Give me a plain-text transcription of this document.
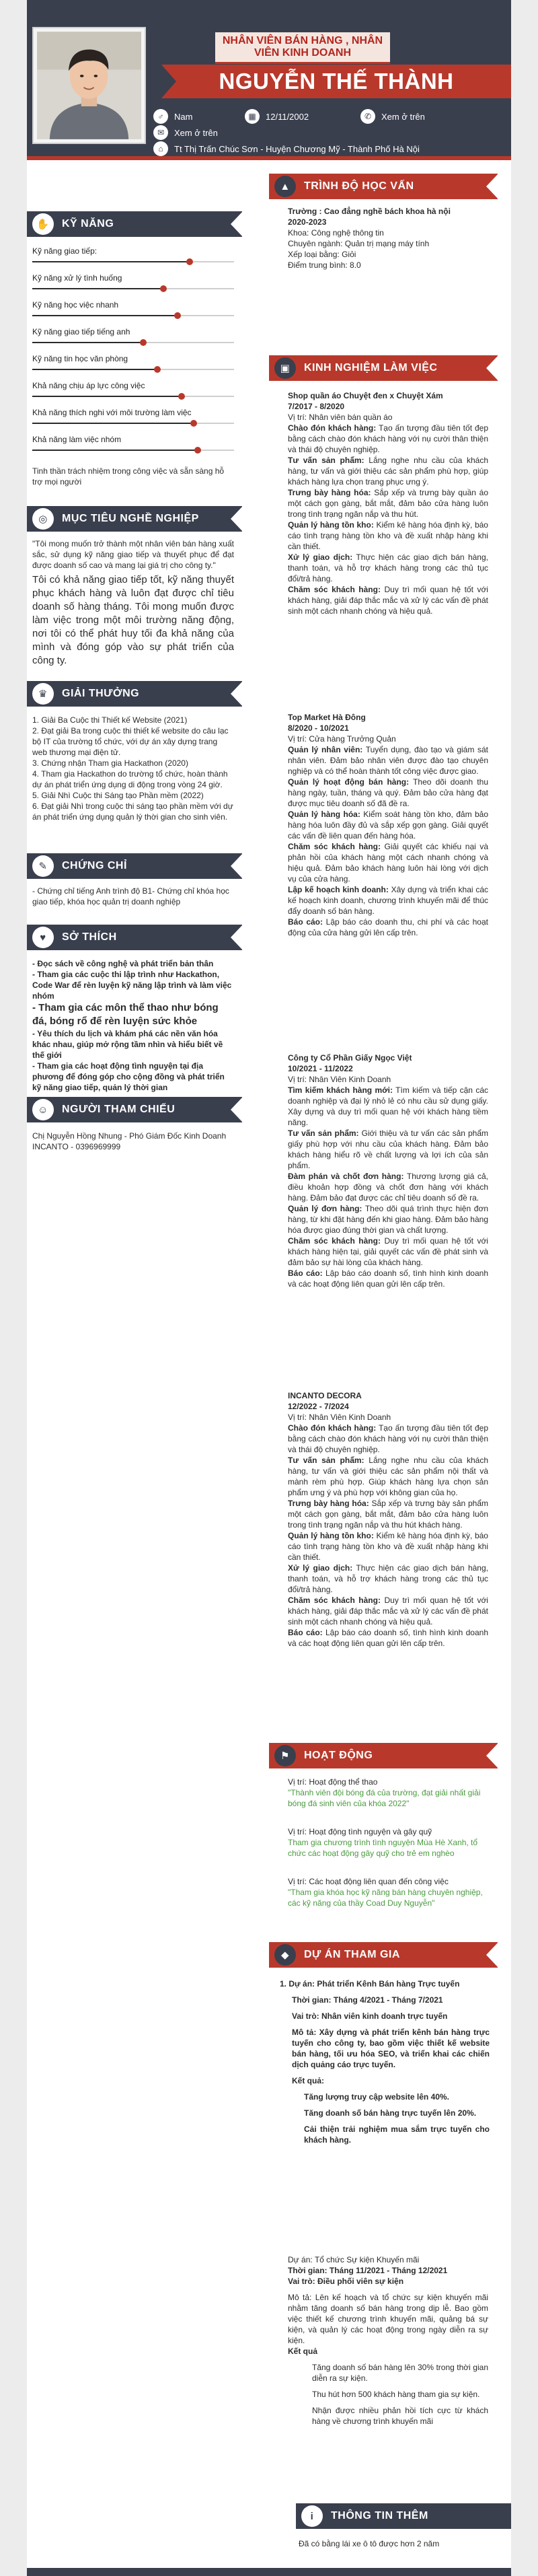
NHÂN VIÊN BÁN HÀNG , NHÂN VIÊN KINH DOANH
NGUYỄN THẾ THÀNH
♂	Nam	▦	12/11/2002	✆	Xem ở trên
✉	Xem ở trên
⌂	Tt Thị Trấn Chúc Sơn - Huyện Chương Mỹ - Thành Phố Hà Nội
✋	KỸ NĂNG
Tinh thần trách nhiệm trong công việc và sẵn sàng hỗ trợ mọi người
◎	MỤC TIÊU NGHỀ NGHIỆP
"Tôi mong muốn trở thành một nhân viên bán hàng xuất sắc, sử dụng kỹ năng giao tiếp và thuyết phục để đạt được doanh số cao và mang lại giá trị cho công ty."
Tôi có khả năng giao tiếp tốt, kỹ năng thuyết phục khách hàng và luôn đạt được chỉ tiêu doanh số hàng tháng. Tôi mong muốn được làm việc trong một môi trường năng động, nơi tôi có thể phát huy tối đa khả năng của mình và đóng góp vào sự phát triển của công ty.
♛	GIẢI THƯỞNG
1. Giải Ba Cuộc thi Thiết kế Website (2021)
2. Đạt giải Ba trong cuộc thi thiết kế website do câu lạc bộ IT của trường tổ chức, với dự án xây dựng trang web thương mại điện tử.
3. Chứng nhận Tham gia Hackathon (2020)
4. Tham gia Hackathon do trường tổ chức, hoàn thành dự án phát triển ứng dụng di động trong vòng 24 giờ.
5. Giải Nhì Cuộc thi Sáng tạo Phần mềm (2022)
6. Đạt giải Nhì trong cuộc thi sáng tạo phần mềm với dự án phát triển ứng dụng quản lý thời gian cho sinh viên.
✎	CHỨNG CHỈ
- Chứng chỉ tiếng Anh trình độ B1- Chứng chỉ khóa học giao tiếp, khóa học quản trị doanh nghiệp
♥	SỞ THÍCH
- Đọc sách về công nghệ và phát triển bản thân
- Tham gia các cuộc thi lập trình như Hackathon, Code War để rèn luyện kỹ năng lập trình và làm việc nhóm
- Tham gia các môn thể thao như bóng đá, bóng rổ để rèn luyện sức khỏe
- Yêu thích du lịch và khám phá các nền văn hóa khác nhau, giúp mở rộng tầm nhìn và hiểu biết về thế giới
- Tham gia các hoạt động tình nguyện tại địa phương để đóng góp cho cộng đồng và phát triển kỹ năng giao tiếp, quản lý thời gian
☺	NGƯỜI THAM CHIẾU
Chị Nguyễn Hồng Nhung - Phó Giám Đốc Kinh Doanh
INCANTO - 0396969999
▲	TRÌNH ĐỘ HỌC VẤN
Trường : Cao đẳng nghề bách khoa hà nội
2020-2023
Khoa: Công nghệ thông tin
Chuyên ngành: Quản trị mạng máy tính
Xếp loại bằng: Giỏi
Điểm trung bình: 8.0
▣	KINH NGHIỆM LÀM VIỆC
Shop quần áo Chuyệt đen x Chuyệt Xám
7/2017 - 8/2020
Vị trí: Nhân viên bán quần áo
Chào đón khách hàng: Tạo ấn tượng đầu tiên tốt đẹp bằng cách chào đón khách hàng với nụ cười thân thiện và thái độ chuyên nghiệp.
Tư vấn sản phẩm: Lắng nghe nhu cầu của khách hàng, tư vấn và giới thiệu các sản phẩm phù hợp, giúp khách hàng lựa chọn trang phục ưng ý.
Trưng bày hàng hóa: Sắp xếp và trưng bày quần áo một cách gọn gàng, bắt mắt, đảm bảo cửa hàng luôn trong tình trạng ngăn nắp và thu hút.
Quản lý hàng tồn kho: Kiểm kê hàng hóa định kỳ, báo cáo tình trạng hàng tồn kho và đề xuất nhập hàng khi cần thiết.
Xử lý giao dịch: Thực hiện các giao dịch bán hàng, thanh toán, và hỗ trợ khách hàng trong các thủ tục đổi/trả hàng.
Chăm sóc khách hàng: Duy trì mối quan hệ tốt với khách hàng, giải đáp thắc mắc và xử lý các vấn đề phát sinh một cách nhanh chóng và hiệu quả.
Top Market Hà Đông
8/2020 - 10/2021
Vị trí: Cửa hàng Trưởng Quản
Quản lý nhân viên: Tuyển dụng, đào tạo và giám sát nhân viên. Đảm bảo nhân viên được đào tạo chuyên nghiệp và có thể hoàn thành tốt công việc được giao.
Quản lý hoạt động bán hàng: Theo dõi doanh thu hàng ngày, tuần, tháng và quý. Đảm bảo cửa hàng đạt được mục tiêu doanh số đã đề ra.
Quản lý hàng hóa: Kiểm soát hàng tồn kho, đảm bảo hàng hóa luôn đầy đủ và sắp xếp gọn gàng. Giải quyết các vấn đề liên quan đến hàng hóa.
Chăm sóc khách hàng: Giải quyết các khiếu nại và phản hồi của khách hàng một cách nhanh chóng và hiệu quả. Đảm bảo khách hàng luôn hài lòng với dịch vụ của cửa hàng.
Lập kế hoạch kinh doanh: Xây dựng và triển khai các kế hoạch kinh doanh, chương trình khuyến mãi để thúc đẩy doanh số bán hàng.
Báo cáo: Lập báo cáo doanh thu, chi phí và các hoạt động của cửa hàng gửi lên cấp trên.
Công ty Cổ Phần Giấy Ngọc Việt
10/2021 - 11/2022
Vị trí: Nhân Viên Kinh Doanh
Tìm kiếm khách hàng mới: Tìm kiếm và tiếp cận các doanh nghiệp và đại lý nhỏ lẻ có nhu cầu sử dụng giấy. Xây dựng và duy trì mối quan hệ với khách hàng tiềm năng.
Tư vấn sản phẩm: Giới thiệu và tư vấn các sản phẩm giấy phù hợp với nhu cầu của khách hàng. Đảm bảo khách hàng hiểu rõ về chất lượng và lợi ích của sản phẩm.
Đàm phán và chốt đơn hàng: Thương lượng giá cả, điều khoản hợp đồng và chốt đơn hàng với khách hàng. Đảm bảo đạt được các chỉ tiêu doanh số đề ra.
Quản lý đơn hàng: Theo dõi quá trình thực hiện đơn hàng, từ khi đặt hàng đến khi giao hàng. Đảm bảo hàng hóa được giao đúng thời gian và chất lượng.
Chăm sóc khách hàng: Duy trì mối quan hệ tốt với khách hàng hiện tại, giải quyết các vấn đề phát sinh và đảm bảo sự hài lòng của khách hàng.
Báo cáo: Lập báo cáo doanh số, tình hình kinh doanh và các hoạt động liên quan gửi lên cấp trên.
INCANTO DECORA
12/2022 - 7/2024
Vị trí: Nhân Viên Kinh Doanh
Chào đón khách hàng: Tạo ấn tượng đầu tiên tốt đẹp bằng cách chào đón khách hàng với nụ cười thân thiện và thái độ chuyên nghiệp.
Tư vấn sản phẩm: Lắng nghe nhu cầu của khách hàng, tư vấn và giới thiệu các sản phẩm nội thất và mành rèm phù hợp. Giúp khách hàng lựa chọn sản phẩm ưng ý và phù hợp với không gian của họ.
Trưng bày hàng hóa: Sắp xếp và trưng bày sản phẩm một cách gọn gàng, bắt mắt, đảm bảo cửa hàng luôn trong tình trạng ngăn nắp và thu hút khách hàng.
Quản lý hàng tồn kho: Kiểm kê hàng hóa định kỳ, báo cáo tình trạng hàng tồn kho và đề xuất nhập hàng khi cần thiết.
Xử lý giao dịch: Thực hiện các giao dịch bán hàng, thanh toán, và hỗ trợ khách hàng trong các thủ tục đổi/trả hàng.
Chăm sóc khách hàng: Duy trì mối quan hệ tốt với khách hàng, giải đáp thắc mắc và xử lý các vấn đề phát sinh một cách nhanh chóng và hiệu quả.
Báo cáo: Lập báo cáo doanh số, tình hình kinh doanh và các hoạt động liên quan gửi lên cấp trên.
⚑	HOẠT ĐỘNG
Vị trí: Hoạt động thể thao
"Thành viên đội bóng đá của trường, đạt giải nhất giải bóng đá sinh viên của khóa 2022"
Vị trí: Hoạt động tình nguyện và gây quỹ
Tham gia chương trình tình nguyện Mùa Hè Xanh, tổ chức các hoạt động gây quỹ cho trẻ em nghèo
Vị trí: Các hoạt động liên quan đến công việc
"Tham gia khóa học kỹ năng bán hàng chuyên nghiệp, các kỹ năng của thầy Coad Duy Nguyễn"
◆	DỰ ÁN THAM GIA
1. Dự án: Phát triển Kênh Bán hàng Trực tuyến
Thời gian: Tháng 4/2021 - Tháng 7/2021
Vai trò: Nhân viên kinh doanh trực tuyến
Mô tả: Xây dựng và phát triển kênh bán hàng trực tuyến cho công ty, bao gồm việc thiết kế website bán hàng, tối ưu hóa SEO, và triển khai các chiến dịch quảng cáo trực tuyến.
Kết quả:
Tăng lượng truy cập website lên 40%.
Tăng doanh số bán hàng trực tuyến lên 20%.
Cải thiện trải nghiệm mua sắm trực tuyến cho khách hàng.
Dự án: Tổ chức Sự kiện Khuyến mãi
Thời gian: Tháng 11/2021 - Tháng 12/2021
Vai trò: Điều phối viên sự kiện
Mô tả: Lên kế hoạch và tổ chức sự kiện khuyến mãi nhằm tăng doanh số bán hàng trong dịp lễ. Bao gồm việc thiết kế chương trình khuyến mãi, quảng bá sự kiện, và quản lý các hoạt động trong ngày diễn ra sự kiện.
Kết quả
Tăng doanh số bán hàng lên 30% trong thời gian diễn ra sự kiện.
Thu hút hơn 500 khách hàng tham gia sự kiện.
Nhận được nhiều phản hồi tích cực từ khách hàng về chương trình khuyến mãi
i	THÔNG TIN THÊM
Đã có bằng lái xe ô tô được hơn 2 năm
Kỹ năng giao tiếp:
Kỹ năng xử lý tình huống
Kỹ năng học việc nhanh
Kỹ năng giao tiếp tiếng anh
Kỹ năng tin học văn phòng
Khả năng chịu áp lực công việc
Khả năng thích nghi với môi trường làm việc
Khả năng làm việc nhóm
